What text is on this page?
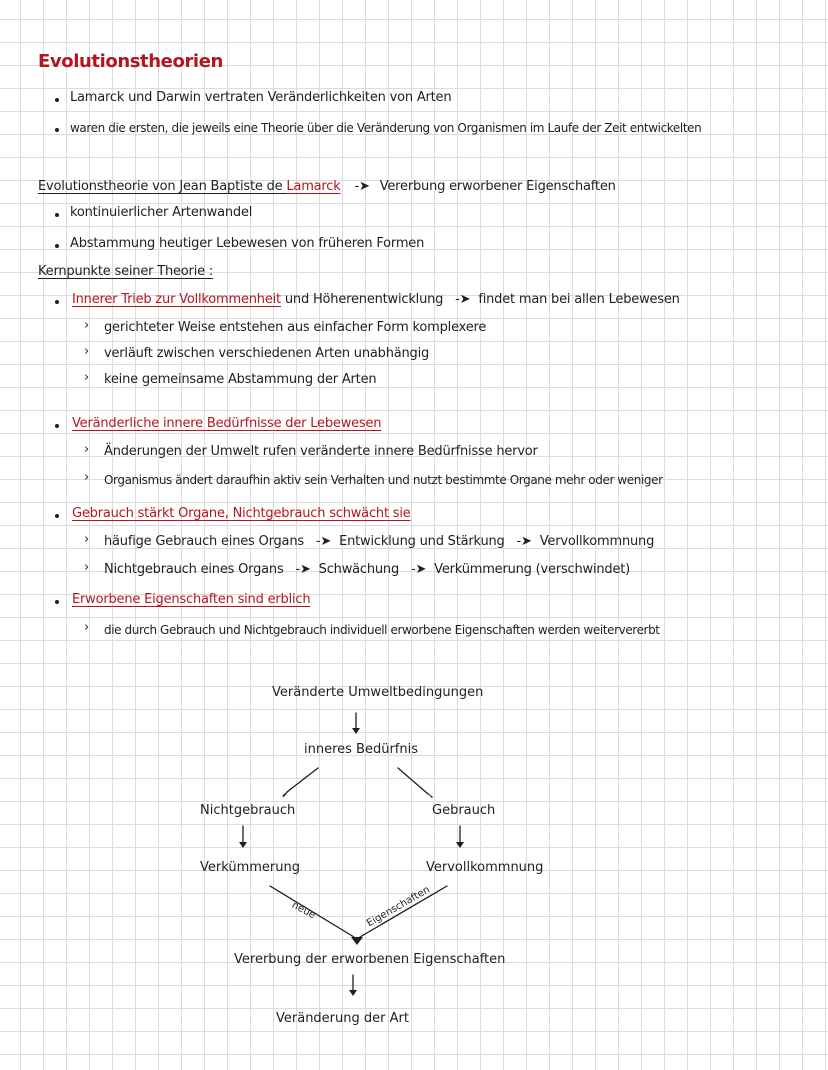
Evolutionstheorien
Lamarck und Darwin vertraten Veränderlichkeiten von Arten
waren die ersten, die jeweils eine Theorie über die Veränderung von Organismen im Laufe der Zeit entwickelten
Evolutionstheorie von Jean Baptiste de Lamarck -➤ Vererbung erworbener Eigenschaften
kontinuierlicher Artenwandel
Abstammung heutiger Lebewesen von früheren Formen
Kernpunkte seiner Theorie :
Innerer Trieb zur Vollkommenheit und Höherenentwicklung -➤ findet man bei allen Lebewesen
› gerichteter Weise entstehen aus einfacher Form komplexere
› verläuft zwischen verschiedenen Arten unabhängig
› keine gemeinsame Abstammung der Arten
Veränderliche innere Bedürfnisse der Lebewesen
› Änderungen der Umwelt rufen veränderte innere Bedürfnisse hervor
› Organismus ändert daraufhin aktiv sein Verhalten und nutzt bestimmte Organe mehr oder weniger
Gebrauch stärkt Organe, Nichtgebrauch schwächt sie
› häufige Gebrauch eines Organs -➤ Entwicklung und Stärkung -➤ Vervollkommnung
› Nichtgebrauch eines Organs -➤ Schwächung -➤ Verkümmerung (verschwindet)
Erworbene Eigenschaften sind erblich
› die durch Gebrauch und Nichtgebrauch individuell erworbene Eigenschaften werden weitervererbt
Veränderte Umweltbedingungen
inneres Bedürfnis
Nichtgebrauch	Gebrauch
Verkümmerung	Vervollkommnung
neue	Eigenschaften
Vererbung der erworbenen Eigenschaften
Veränderung der Art
